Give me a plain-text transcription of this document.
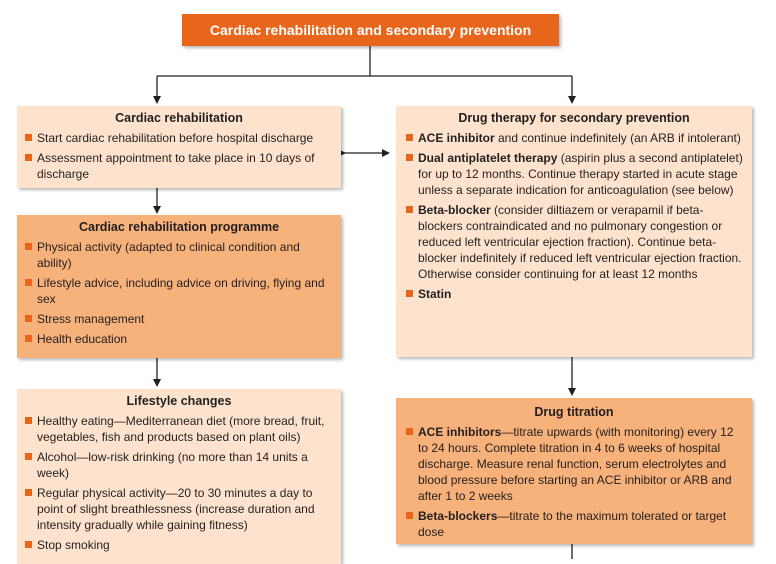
Cardiac rehabilitation and secondary prevention
Cardiac rehabilitation
Start cardiac rehabilitation before hospital discharge
Assessment appointment to take place in 10 days of discharge
Drug therapy for secondary prevention
ACE inhibitor and continue indefinitely (an ARB if intolerant)
Dual antiplatelet therapy (aspirin plus a second antiplatelet) for up to 12 months. Continue therapy started in acute stage unless a separate indication for anticoagulation (see below)
Beta-blocker (consider diltiazem or verapamil if beta-blockers contraindicated and no pulmonary congestion or reduced left ventricular ejection fraction). Continue beta-blocker indefinitely if reduced left ventricular ejection fraction. Otherwise consider continuing for at least 12 months
Statin
Cardiac rehabilitation programme
Physical activity (adapted to clinical condition and ability)
Lifestyle advice, including advice on driving, flying and sex
Stress management
Health education
Lifestyle changes
Healthy eating—Mediterranean diet (more bread, fruit, vegetables, fish and products based on plant oils)
Alcohol—low-risk drinking (no more than 14 units a week)
Regular physical activity—20 to 30 minutes a day to point of slight breathlessness (increase duration and intensity gradually while gaining fitness)
Stop smoking
Drug titration
ACE inhibitors—titrate upwards (with monitoring) every 12 to 24 hours. Complete titration in 4 to 6 weeks of hospital discharge. Measure renal function, serum electrolytes and blood pressure before starting an ACE inhibitor or ARB and after 1 to 2 weeks
Beta-blockers—titrate to the maximum tolerated or target dose
